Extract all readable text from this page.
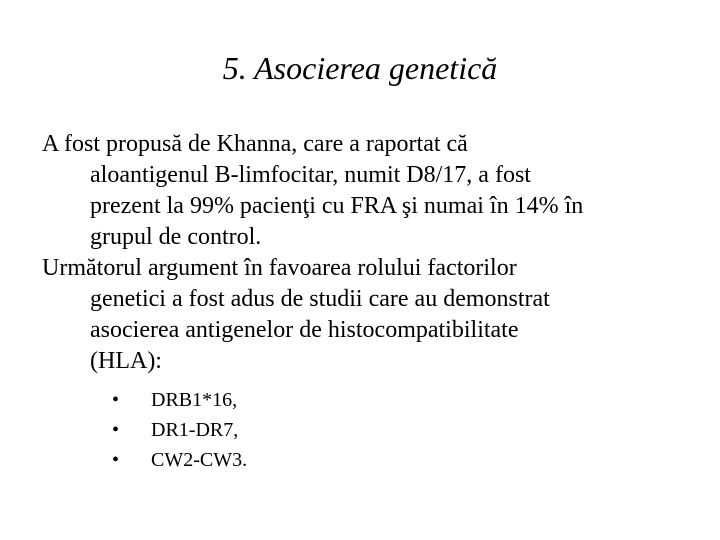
5. Asocierea genetică
A fost propusă de Khanna, care a raportat că
aloantigenul B-limfocitar, numit D8/17, a fost
prezent la 99% pacienţi cu FRA şi numai în 14% în
grupul de control.
Următorul argument în favoarea rolului factorilor
genetici a fost adus de studii care au demonstrat
asocierea antigenelor de histocompatibilitate
(HLA):
• DRB1*16,
• DR1-DR7,
• CW2-CW3.
